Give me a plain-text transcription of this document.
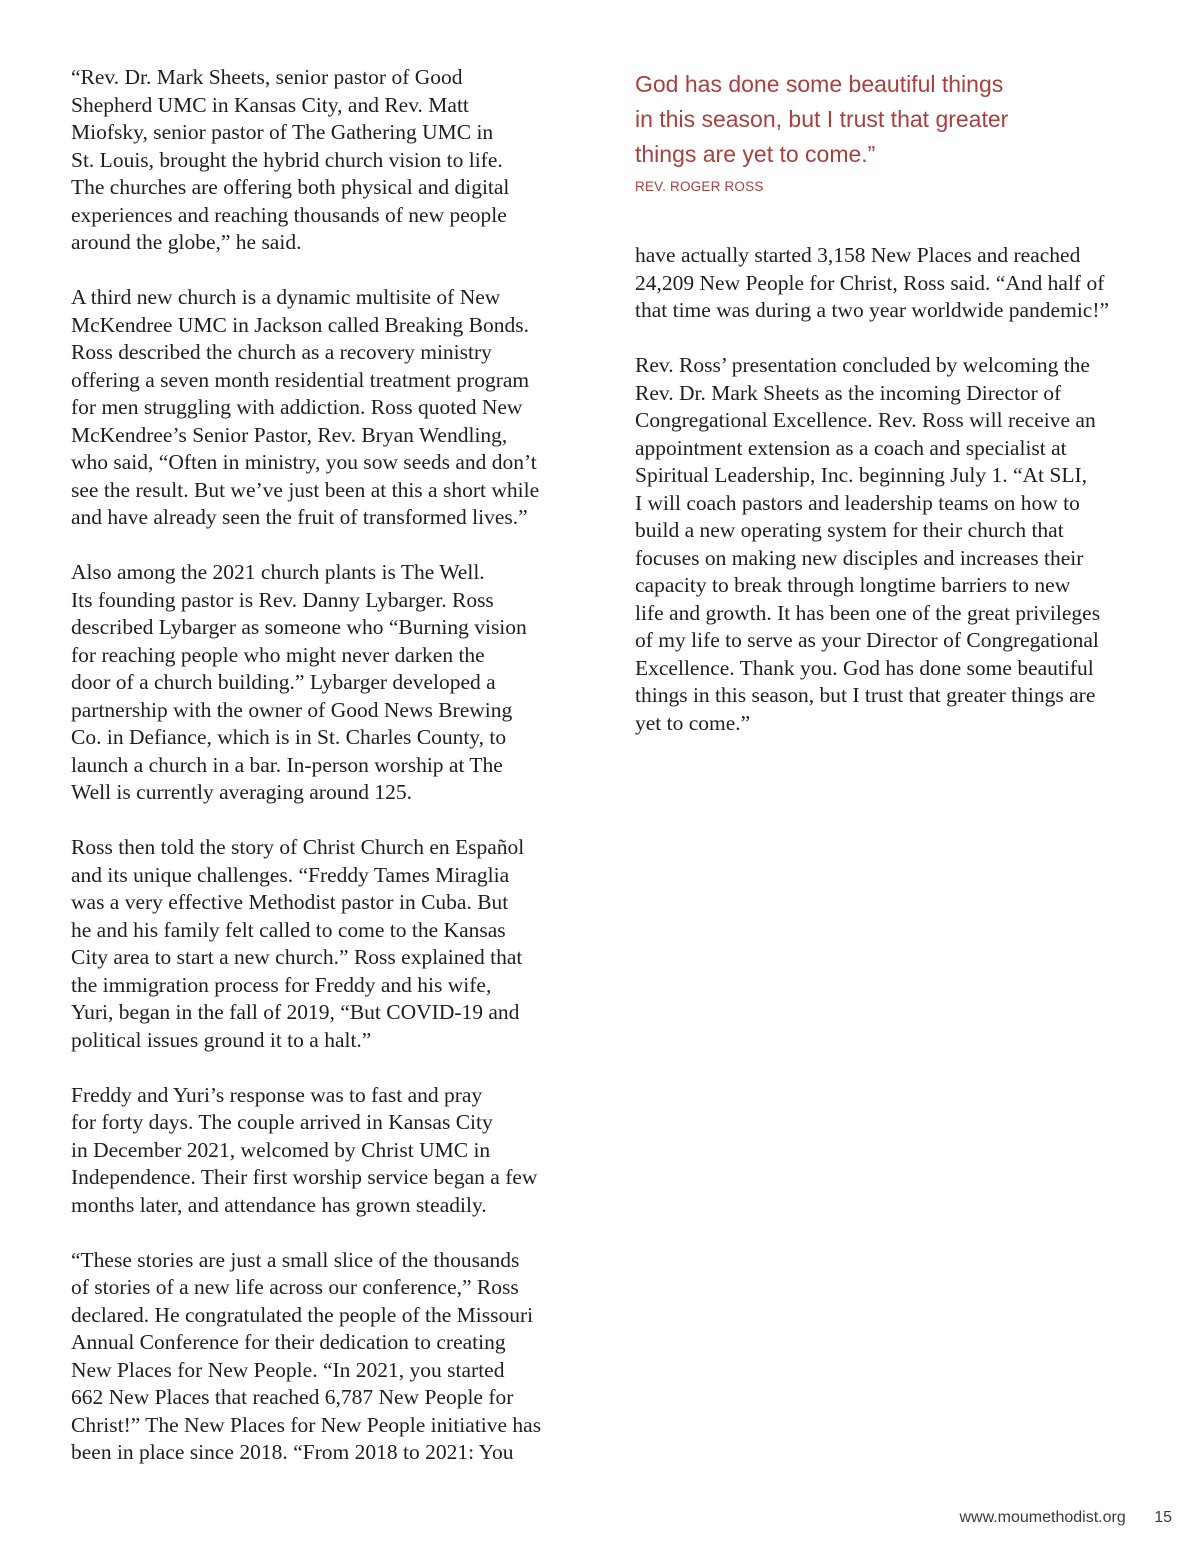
“Rev. Dr. Mark Sheets, senior pastor of Good
Shepherd UMC in Kansas City, and Rev. Matt
Miofsky, senior pastor of The Gathering UMC in
St. Louis, brought the hybrid church vision to life.
The churches are offering both physical and digital
experiences and reaching thousands of new people
around the globe,” he said.

A third new church is a dynamic multisite of New
McKendree UMC in Jackson called Breaking Bonds.
Ross described the church as a recovery ministry
offering a seven month residential treatment program
for men struggling with addiction. Ross quoted New
McKendree’s Senior Pastor, Rev. Bryan Wendling,
who said, “Often in ministry, you sow seeds and don’t
see the result. But we’ve just been at this a short while
and have already seen the fruit of transformed lives.”

Also among the 2021 church plants is The Well.
Its founding pastor is Rev. Danny Lybarger. Ross
described Lybarger as someone who “Burning vision
for reaching people who might never darken the
door of a church building.” Lybarger developed a
partnership with the owner of Good News Brewing
Co. in Defiance, which is in St. Charles County, to
launch a church in a bar. In-person worship at The
Well is currently averaging around 125.

Ross then told the story of Christ Church en Español
and its unique challenges. “Freddy Tames Miraglia
was a very effective Methodist pastor in Cuba. But
he and his family felt called to come to the Kansas
City area to start a new church.” Ross explained that
the immigration process for Freddy and his wife,
Yuri, began in the fall of 2019, “But COVID-19 and
political issues ground it to a halt.”

Freddy and Yuri’s response was to fast and pray
for forty days. The couple arrived in Kansas City
in December 2021, welcomed by Christ UMC in
Independence. Their first worship service began a few
months later, and attendance has grown steadily.

“These stories are just a small slice of the thousands
of stories of a new life across our conference,” Ross
declared. He congratulated the people of the Missouri
Annual Conference for their dedication to creating
New Places for New People. “In 2021, you started
662 New Places that reached 6,787 New People for
Christ!” The New Places for New People initiative has
been in place since 2018. “From 2018 to 2021: You

God has done some beautiful things
in this season, but I trust that greater
things are yet to come.”

REV. ROGER ROSS

have actually started 3,158 New Places and reached
24,209 New People for Christ, Ross said. “And half of
that time was during a two year worldwide pandemic!”

Rev. Ross’ presentation concluded by welcoming the
Rev. Dr. Mark Sheets as the incoming Director of
Congregational Excellence. Rev. Ross will receive an
appointment extension as a coach and specialist at
Spiritual Leadership, Inc. beginning July 1. “At SLI,
I will coach pastors and leadership teams on how to
build a new operating system for their church that
focuses on making new disciples and increases their
capacity to break through longtime barriers to new
life and growth. It has been one of the great privileges
of my life to serve as your Director of Congregational
Excellence. Thank you. God has done some beautiful
things in this season, but I trust that greater things are
yet to come.”

www.moumethodist.org 15
